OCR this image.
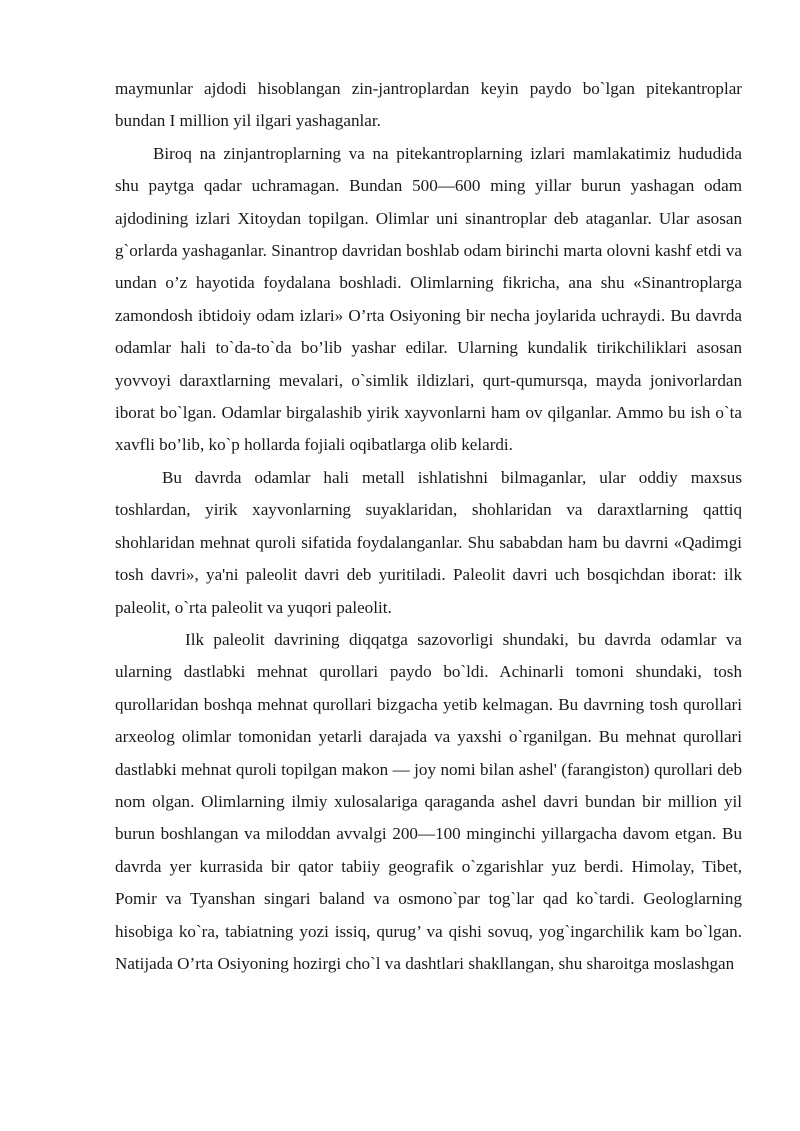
maymunlar ajdodi hisoblangan zin-jantroplardan keyin paydo bo`lgan pitekantroplar bundan I million yil ilgari yashaganlar.

Biroq na zinjantroplarning va na pitekantroplarning izlari mamlakatimiz hududida shu paytga qadar uchramagan. Bundan 500—600 ming yillar burun yashagan odam ajdodining izlari Xitoydan topilgan. Olimlar uni sinantroplar deb ataganlar. Ular asosan g`orlarda yashaganlar. Sinantrop davridan boshlab odam birinchi marta olovni kashf etdi va undan o’z hayotida foydalana boshladi. Olimlarning fikricha, ana shu «Sinantroplarga zamondosh ibtidoiy odam izlari» O’rta Osiyoning bir necha joylarida uchraydi. Bu davrda odamlar hali to`da-to`da bo’lib yashar edilar. Ularning kundalik tirikchiliklari asosan yovvoyi daraxtlarning mevalari, o`simlik ildizlari, qurt-qumursqa, mayda jonivorlardan iborat bo`lgan. Odamlar birgalashib yirik xayvonlarni ham ov qilganlar. Ammo bu ish o`ta xavfli bo’lib, ko`p hollarda fojiali oqibatlarga olib kelardi.

Bu davrda odamlar hali metall ishlatishni bilmaganlar, ular oddiy maxsus toshlardan, yirik xayvonlarning suyaklaridan, shohlaridan va daraxtlarning qattiq shohlaridan mehnat quroli sifatida foydalanganlar. Shu sababdan ham bu davrni «Qadimgi tosh davri», ya'ni paleolit davri deb yuritiladi. Paleolit davri uch bosqichdan iborat: ilk paleolit, o`rta paleolit va yuqori paleolit.

Ilk paleolit davrining diqqatga sazovorligi shundaki, bu davrda odamlar va ularning dastlabki mehnat qurollari paydo bo`ldi. Achinarli tomoni shundaki, tosh qurollaridan boshqa mehnat qurollari bizgacha yetib kelmagan. Bu davrning tosh qurollari arxeolog olimlar tomonidan yetarli darajada va yaxshi o`rganilgan. Bu mehnat qurollari dastlabki mehnat quroli topilgan makon — joy nomi bilan ashel' (farangiston) qurollari deb nom olgan. Olimlarning ilmiy xulosalariga qaraganda ashel davri bundan bir million yil burun boshlangan va miloddan avvalgi 200—100 minginchi yillargacha davom etgan. Bu davrda yer kurrasida bir qator tabiiy geografik o`zgarishlar yuz berdi. Himolay, Tibet, Pomir va Tyanshan singari baland va osmono`par tog`lar qad ko`tardi. Geologlarning hisobiga ko`ra, tabiatning yozi issiq, qurug’ va qishi sovuq, yog`ingarchilik kam bo`lgan. Natijada O’rta Osiyoning hozirgi cho`l va dashtlari shakllangan, shu sharoitga moslashgan
